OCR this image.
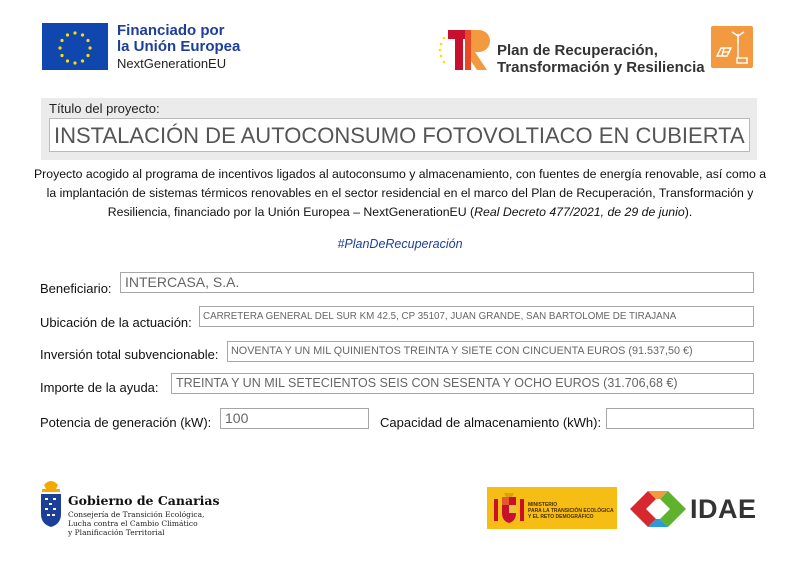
Financiado por
la Unión Europea
NextGenerationEU
Plan de Recuperación,
Transformación y Resiliencia
Título del proyecto:
INSTALACIÓN DE AUTOCONSUMO FOTOVOLTIACO EN CUBIERTA
Proyecto acogido al programa de incentivos ligados al autoconsumo y almacenamiento, con fuentes de energía renovable, así como a la implantación de sistemas térmicos renovables en el sector residencial en el marco del Plan de Recuperación, Transformación y Resiliencia, financiado por la Unión Europea – NextGenerationEU (Real Decreto 477/2021, de 29 de junio).
#PlanDeRecuperación
Beneficiario: INTERCASA, S.A.
Ubicación de la actuación:	CARRETERA GENERAL DEL SUR KM 42.5, CP 35107, JUAN GRANDE, SAN BARTOLOME DE TIRAJANA
Inversión total subvencionable:	NOVENTA Y UN MIL QUINIENTOS TREINTA Y SIETE CON CINCUENTA EUROS (91.537,50 €)
Importe de la ayuda:	TREINTA Y UN MIL SETECIENTOS SEIS CON SESENTA Y OCHO EUROS (31.706,68 €)
Potencia de generación (kW): 100	Capacidad de almacenamiento (kWh):
Gobierno de Canarias
Consejería de Transición Ecológica,
Lucha contra el Cambio Climático
y Planificación Territorial
MINISTERIO
PARA LA TRANSICIÓN ECOLÓGICA
Y EL RETO DEMOGRÁFICO	IDAE
